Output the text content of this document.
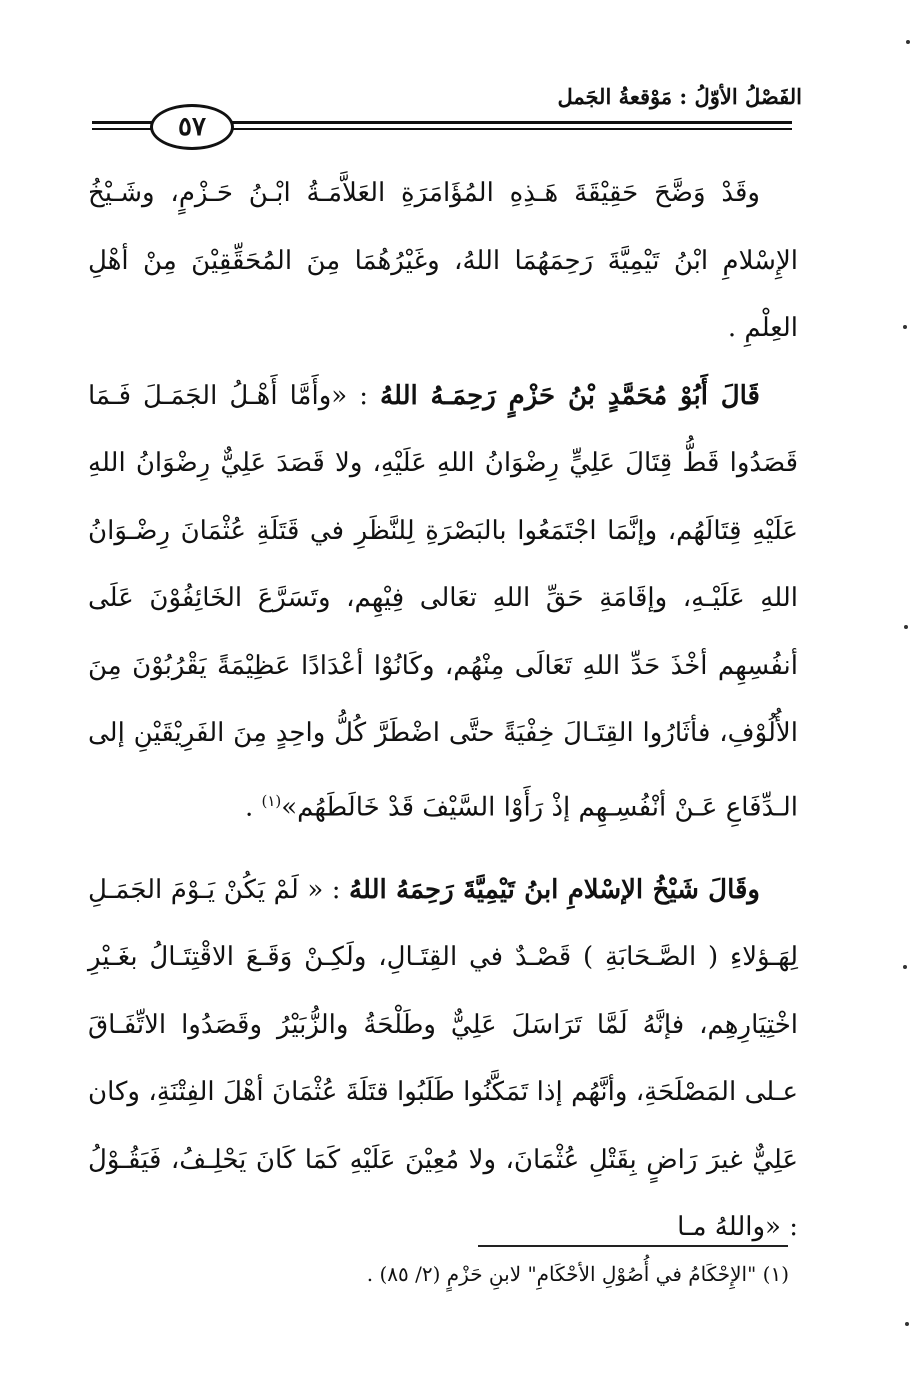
الفَصْلُ الأوّلُ : مَوْقعةُ الجَمل
٥٧

وقَدْ وَضَّحَ حَقِيْقَةَ هَـذِهِ المُؤَامَرَةِ العَلاَّمَـةُ ابْـنُ حَـزْمٍ، وشَـيْخُ الإِسْلامِ ابْنُ تَيْمِيَّةَ رَحِمَهُمَا اللهُ، وغَيْرُهُمَا مِنَ المُحَقِّقِيْنَ مِنْ أهْلِ العِلْمِ .

قَالَ أَبُوْ مُحَمَّدٍ بْنُ حَزْمٍ رَحِمَـهُ اللهُ : «وأَمَّا أَهْـلُ الجَمَـلَ فَـمَا قَصَدُوا قَطُّ قِتَالَ عَلِيٍّ رِضْوَانُ اللهِ عَلَيْهِ، ولا قَصَدَ عَلِيٌّ رِضْوَانُ اللهِ عَلَيْهِ قِتَالَهُم، وإنَّمَا اجْتَمَعُوا بالبَصْرَةِ لِلنَّظَرِ في قَتَلَةِ عُثْمَانَ رِضْـوَانُ اللهِ عَلَيْـهِ، وإقَامَةِ حَقِّ اللهِ تعَالى فِيْهِم، وتَسَرَّعَ الخَائِفُوْنَ عَلَى أنفُسِهِم أخْذَ حَدِّ اللهِ تَعَالَى مِنْهُم، وكَانُوْا أعْدَادًا عَظِيْمَةً يَقْرُبُوْنَ مِنَ الأُلُوْفِ، فأثَارُوا القِتَـالَ خِفْيَةً حتَّى اضْطَرَّ كُلُّ واحِدٍ مِنَ الفَرِيْقَيْنِ إلى الـدِّفَاعِ عَـنْ أنْفُسِـهِم إذْ رَأَوْا السَّيْفَ قَدْ خَالَطَهُم»$^{(١)}$ .

وقَالَ شَيْخُ الإسْلامِ ابنُ تَيْمِيَّةَ رَحِمَهُ اللهُ : « لَمْ يَكُنْ يَـوْمَ الجَمَـلِ لِهَـؤلاءِ ( الصَّـحَابَةِ ) قَصْـدٌ في القِتَـالِ، ولَكِـنْ وَقَـعَ الاقْتِتَـالُ بغَـيْرِ اخْتِيَارِهِم، فإنَّهُ لَمَّا تَرَاسَلَ عَلِيٌّ وطَلْحَةُ والزُّبَيْرُ وقَصَدُوا الاتِّفَـاقَ عـلى المَصْلَحَةِ، وأنَّهُم إذا تَمَكَّنُوا طَلَبُوا قتَلَةَ عُثْمَانَ أهْلَ الفِتْنَةِ، وكان عَلِيٌّ غيرَ رَاضٍ بِقَتْلِ عُثْمَانَ، ولا مُعِيْنَ عَلَيْهِ كَمَا كَانَ يَحْلِـفُ، فَيَقُـوْلُ : «واللهُ مـا

(١) "الإِحْكَامُ في أُصُوْلِ الأحْكَامِ" لابنِ حَزْمٍ (٢/ ٨٥) .
